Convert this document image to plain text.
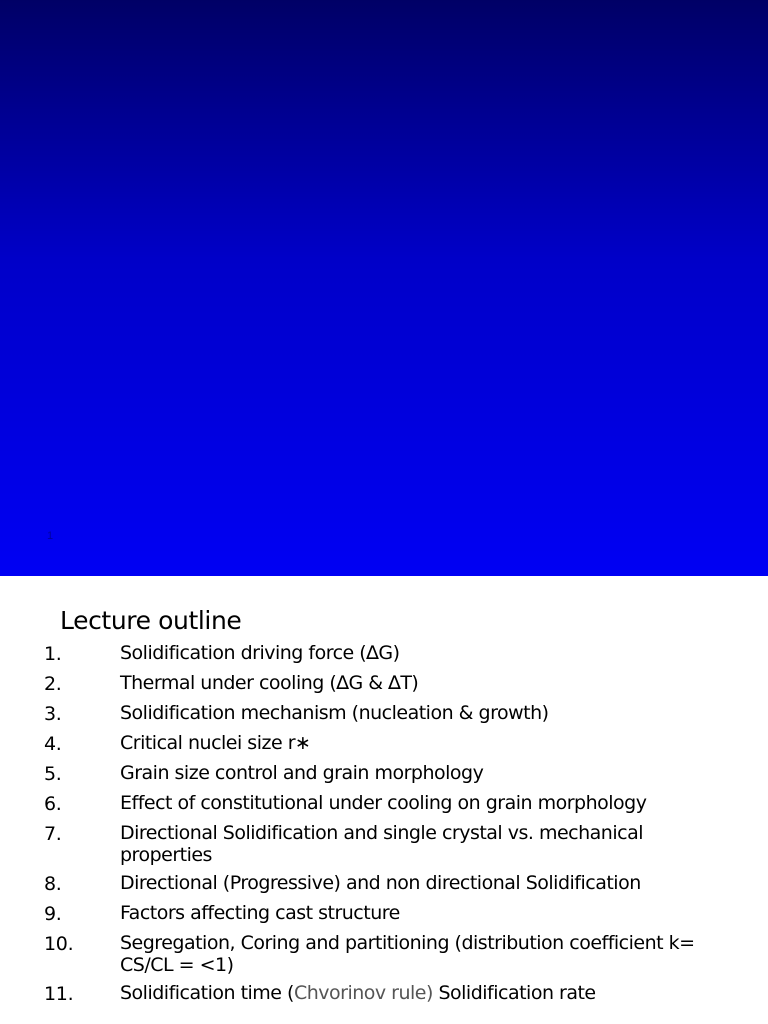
1
Lecture outline
1.	Solidification driving force (∆G)
2.	Thermal under cooling (∆G & ∆T)
3.	Solidification mechanism (nucleation & growth)
4.	Critical nuclei size r∗
5.	Grain size control and grain morphology
6.	Effect of constitutional under cooling on grain morphology
7.	Directional Solidification and single crystal vs. mechanical properties
8.	Directional (Progressive) and non directional Solidification
9.	Factors affecting cast structure
10. Segregation, Coring and partitioning (distribution coefficient k= CS/CL = <1)
11. Solidification time (Chvorinov rule) Solidification rate
